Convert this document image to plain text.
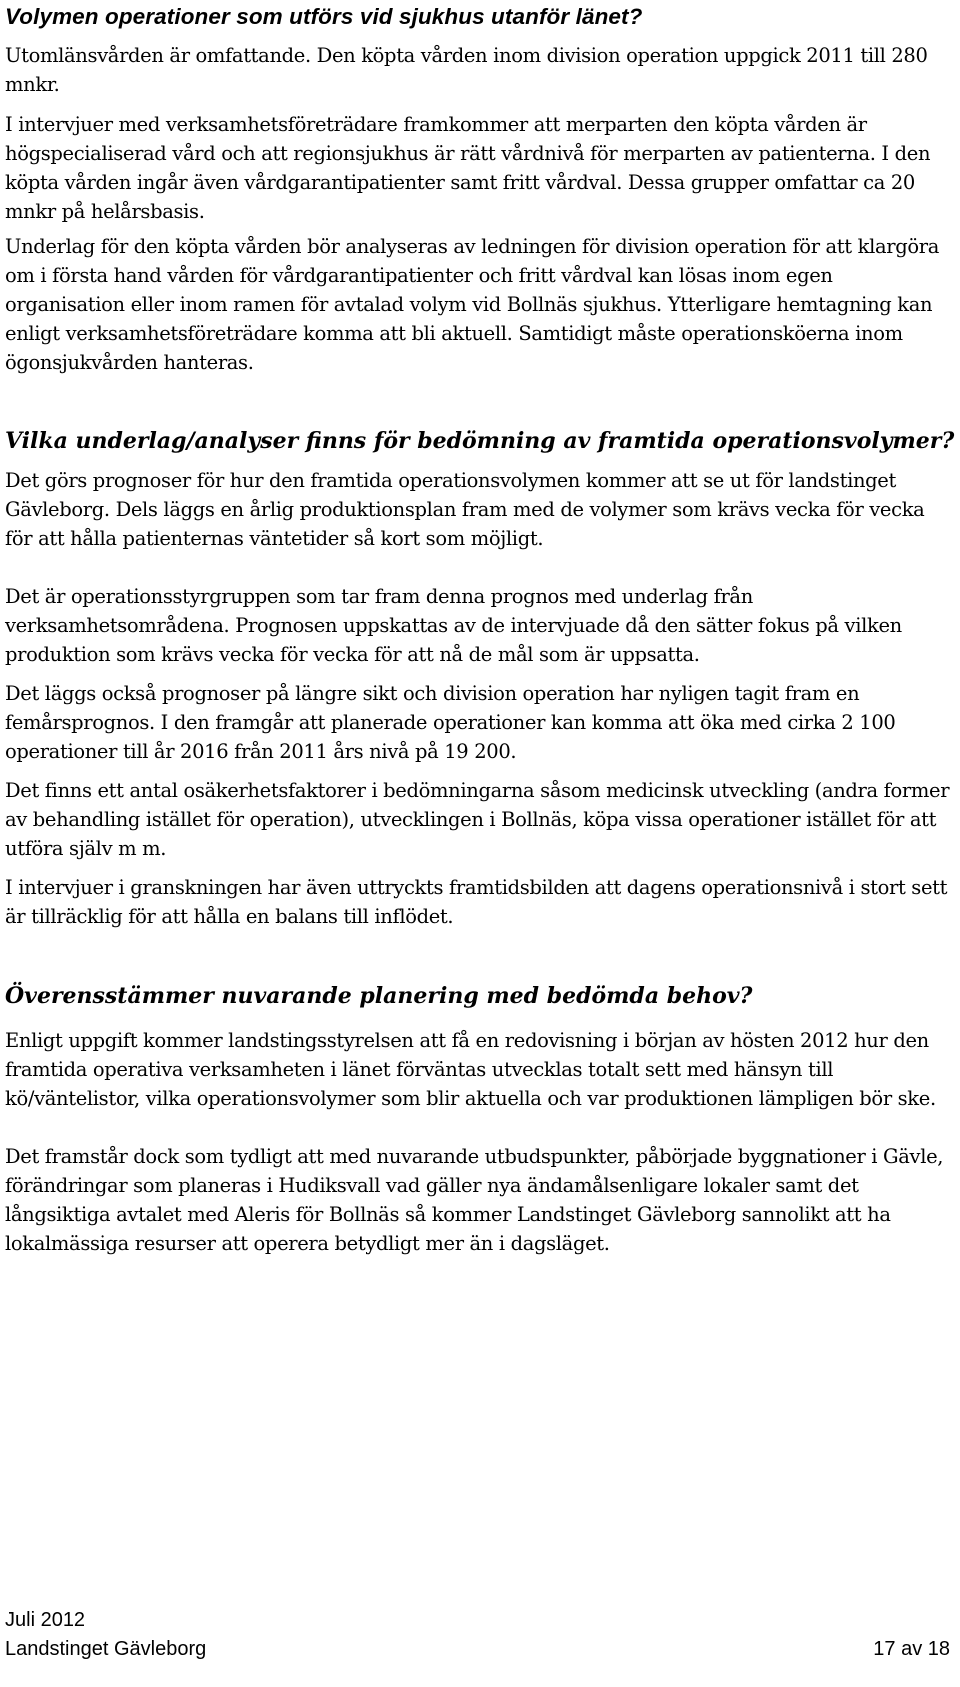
Volymen operationer som utförs vid sjukhus utanför länet?

Utomlänsvården är omfattande. Den köpta vården inom division operation uppgick 2011 till 280 mnkr.

I intervjuer med verksamhetsföreträdare framkommer att merparten den köpta vården är högspecialiserad vård och att regionsjukhus är rätt vårdnivå för merparten av patienterna. I den köpta vården ingår även vårdgarantipatienter samt fritt vårdval. Dessa grupper omfattar ca 20 mnkr på helårsbasis.

Underlag för den köpta vården bör analyseras av ledningen för division operation för att klargöra om i första hand vården för vårdgarantipatienter och fritt vårdval kan lösas inom egen organisation eller inom ramen för avtalad volym vid Bollnäs sjukhus. Ytterligare hemtagning kan enligt verksamhetsföreträdare komma att bli aktuell. Samtidigt måste operationsköerna inom ögonsjukvården hanteras.

Vilka underlag/analyser finns för bedömning av framtida operationsvolymer?

Det görs prognoser för hur den framtida operationsvolymen kommer att se ut för landstinget Gävleborg. Dels läggs en årlig produktionsplan fram med de volymer som krävs vecka för vecka för att hålla patienternas väntetider så kort som möjligt.

Det är operationsstyrgruppen som tar fram denna prognos med underlag från verksamhetsområdena. Prognosen uppskattas av de intervjuade då den sätter fokus på vilken produktion som krävs vecka för vecka för att nå de mål som är uppsatta.

Det läggs också prognoser på längre sikt och division operation har nyligen tagit fram en femårsprognos. I den framgår att planerade operationer kan komma att öka med cirka 2 100 operationer till år 2016 från 2011 års nivå på 19 200.

Det finns ett antal osäkerhetsfaktorer i bedömningarna såsom medicinsk utveckling (andra former av behandling istället för operation), utvecklingen i Bollnäs, köpa vissa operationer istället för att utföra själv m m.

I intervjuer i granskningen har även uttryckts framtidsbilden att dagens operationsnivå i stort sett är tillräcklig för att hålla en balans till inflödet.

Överensstämmer nuvarande planering med bedömda behov?

Enligt uppgift kommer landstingsstyrelsen att få en redovisning i början av hösten 2012 hur den framtida operativa verksamheten i länet förväntas utvecklas totalt sett med hänsyn till kö/väntelistor, vilka operationsvolymer som blir aktuella och var produktionen lämpligen bör ske.

Det framstår dock som tydligt att med nuvarande utbudspunkter, påbörjade byggnationer i Gävle, förändringar som planeras i Hudiksvall vad gäller nya ändamålsenligare lokaler samt det långsiktiga avtalet med Aleris för Bollnäs så kommer Landstinget Gävleborg sannolikt att ha lokalmässiga resurser att operera betydligt mer än i dagsläget.

Juli 2012
Landstinget Gävleborg	17 av 18
